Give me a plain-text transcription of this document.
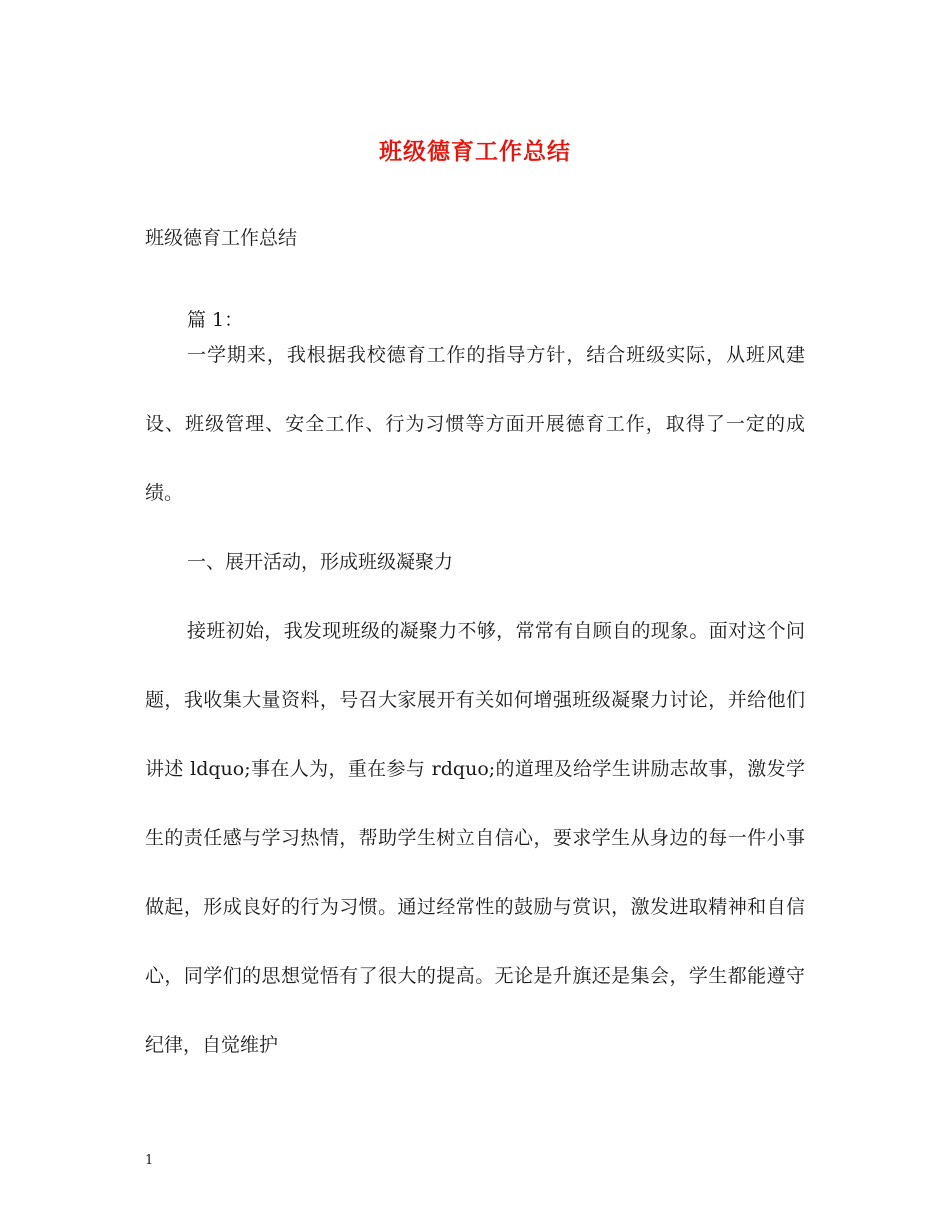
班级德育工作总结
班级德育工作总结

篇 1：

一学期来，我根据我校德育工作的指导方针，结合班级实际，从班风建设、班级管理、安全工作、行为习惯等方面开展德育工作，取得了一定的成绩。

一、展开活动，形成班级凝聚力

接班初始，我发现班级的凝聚力不够，常常有自顾自的现象。面对这个问题，我收集大量资料，号召大家展开有关如何增强班级凝聚力讨论，并给他们讲述 ldquo;事在人为，重在参与 rdquo;的道理及给学生讲励志故事，激发学生的责任感与学习热情，帮助学生树立自信心，要求学生从身边的每一件小事做起，形成良好的行为习惯。通过经常性的鼓励与赏识，激发进取精神和自信心，同学们的思想觉悟有了很大的提高。无论是升旗还是集会，学生都能遵守纪律，自觉维护

1
